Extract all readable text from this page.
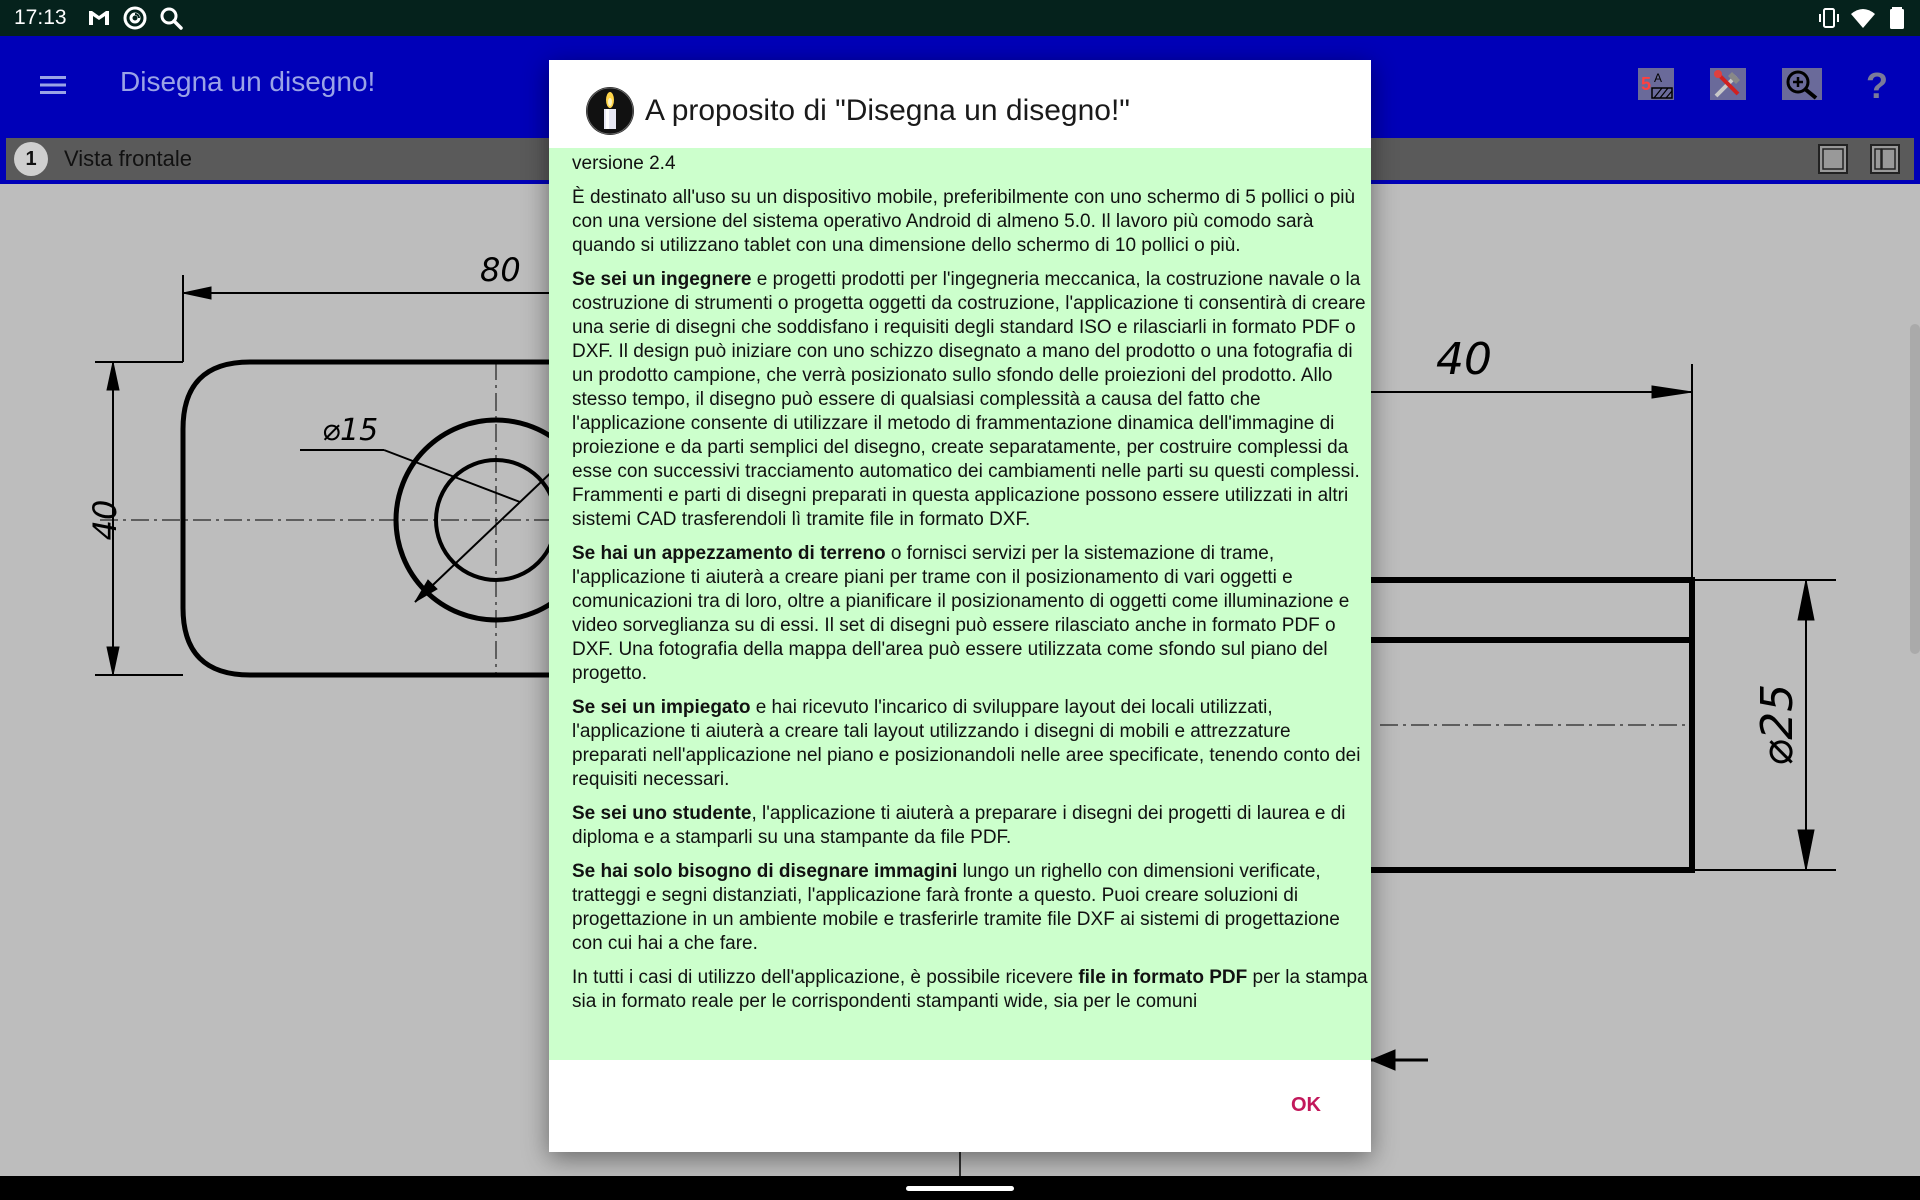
17:13
Disegna un disegno!	5 A	?
1	Vista frontale
80
40
⌀15
40
⌀25
A proposito di "Disegna un disegno!"

versione 2.4

È destinato all'uso su un dispositivo mobile, preferibilmente con uno schermo di 5 pollici o più con una versione del sistema operativo Android di almeno 5.0. Il lavoro più comodo sarà quando si utilizzano tablet con una dimensione dello schermo di 10 pollici o più.

Se sei un ingegnere e progetti prodotti per l'ingegneria meccanica, la costruzione navale o la costruzione di strumenti o progetta oggetti da costruzione, l'applicazione ti consentirà di creare una serie di disegni che soddisfano i requisiti degli standard ISO e rilasciarli in formato PDF o DXF. Il design può iniziare con uno schizzo disegnato a mano del prodotto o una fotografia di un prodotto campione, che verrà posizionato sullo sfondo delle proiezioni del prodotto. Allo stesso tempo, il disegno può essere di qualsiasi complessità a causa del fatto che l'applicazione consente di utilizzare il metodo di frammentazione dinamica dell'immagine di proiezione e da parti semplici del disegno, create separatamente, per costruire complessi da esse con successivi tracciamento automatico dei cambiamenti nelle parti su questi complessi. Frammenti e parti di disegni preparati in questa applicazione possono essere utilizzati in altri sistemi CAD trasferendoli lì tramite file in formato DXF.

Se hai un appezzamento di terreno o fornisci servizi per la sistemazione di trame, l'applicazione ti aiuterà a creare piani per trame con il posizionamento di vari oggetti e comunicazioni tra di loro, oltre a pianificare il posizionamento di oggetti come illuminazione e video sorveglianza su di essi. Il set di disegni può essere rilasciato anche in formato PDF o DXF. Una fotografia della mappa dell'area può essere utilizzata come sfondo sul piano del progetto.

Se sei un impiegato e hai ricevuto l'incarico di sviluppare layout dei locali utilizzati, l'applicazione ti aiuterà a creare tali layout utilizzando i disegni di mobili e attrezzature preparati nell'applicazione nel piano e posizionandoli nelle aree specificate, tenendo conto dei requisiti necessari.

Se sei uno studente, l'applicazione ti aiuterà a preparare i disegni dei progetti di laurea e di diploma e a stamparli su una stampante da file PDF.

Se hai solo bisogno di disegnare immagini lungo un righello con dimensioni verificate, tratteggi e segni distanziati, l'applicazione farà fronte a questo. Puoi creare soluzioni di progettazione in un ambiente mobile e trasferirle tramite file DXF ai sistemi di progettazione con cui hai a che fare.

In tutti i casi di utilizzo dell'applicazione, è possibile ricevere file in formato PDF per la stampa sia in formato reale per le corrispondenti stampanti wide, sia per le comuni

OK
